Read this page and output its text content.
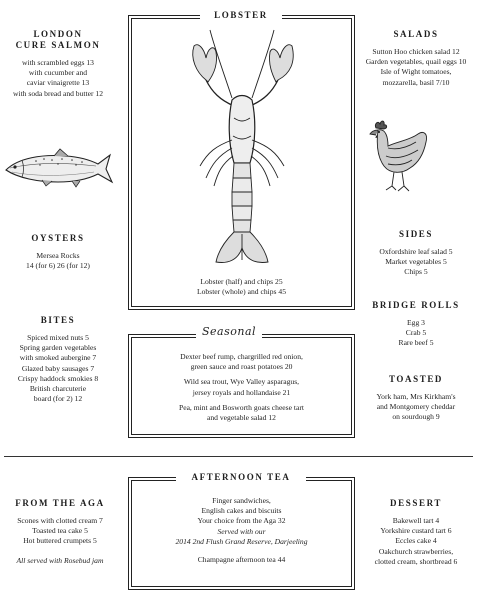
LONDON
CURE SALMON
with scrambled eggs 13
with cucumber and
caviar vinaigrette 13
with soda bread and butter 12
OYSTERS
Mersea Rocks
14 (for 6) 26 (for 12)
BITES
Spiced mixed nuts 5
Spring garden vegetables
with smoked aubergine 7
Glazed baby sausages 7
Crispy haddock smokies 8
British charcuterie
board (for 2) 12
LOBSTER
Lobster (half) and chips 25
Lobster (whole) and chips 45
Seasonal
Dexter beef rump, chargrilled red onion,
green sauce and roast potatoes 20
Wild sea trout, Wye Valley asparagus,
jersey royals and hollandaise 21
Pea, mint and Bosworth goats cheese tart
and vegetable salad 12
SALADS
Sutton Hoo chicken salad 12
Garden vegetables, quail eggs 10
Isle of Wight tomatoes,
mozzarella, basil 7/10
SIDES
Oxfordshire leaf salad 5
Market vegetables 5
Chips 5
BRIDGE ROLLS
Egg 3
Crab 5
Rare beef 5
TOASTED
York ham, Mrs Kirkham's
and Montgomery cheddar
on sourdough 9
FROM THE AGA
Scones with clotted cream 7
Toasted tea cake 5
Hot buttered crumpets 5
All served with Rosebud jam
AFTERNOON TEA
Finger sandwiches,
English cakes and biscuits
Your choice from the Aga 32
Served with our
2014 2nd Flush Grand Reserve, Darjeeling
Champagne afternoon tea 44
DESSERT
Bakewell tart 4
Yorkshire custard tart 6
Eccles cake 4
Oakchurch strawberries,
clotted cream, shortbread 6
